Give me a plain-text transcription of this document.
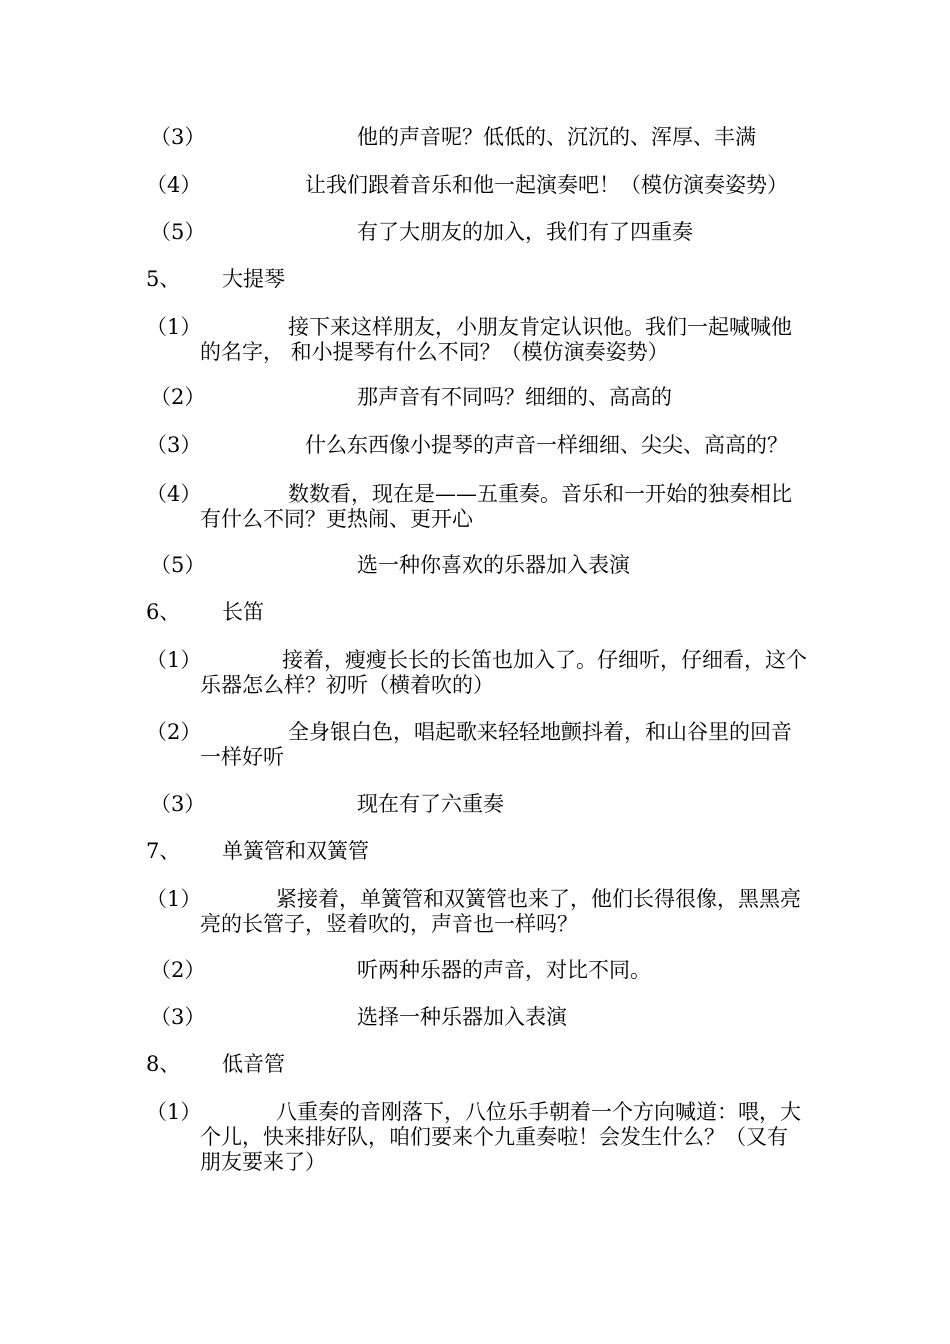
（3）	他的声音呢？低低的、沉沉的、浑厚、丰满
（4）	让我们跟着音乐和他一起演奏吧！（模仿演奏姿势）
（5）	有了大朋友的加入，我们有了四重奏
5、 大提琴
（1）	接下来这样朋友，小朋友肯定认识他。我们一起喊喊他
的名字， 和小提琴有什么不同？（模仿演奏姿势）
（2）	那声音有不同吗？细细的、高高的
（3）	什么东西像小提琴的声音一样细细、尖尖、高高的？
（4）	数数看，现在是——五重奏。音乐和一开始的独奏相比
有什么不同？更热闹、更开心
（5）	选一种你喜欢的乐器加入表演
6、 长笛
（1）	接着，瘦瘦长长的长笛也加入了。仔细听，仔细看，这个
乐器怎么样？初听（横着吹的）
（2）	全身银白色，唱起歌来轻轻地颤抖着，和山谷里的回音
一样好听
（3）	现在有了六重奏
7、 单簧管和双簧管
（1）	紧接着，单簧管和双簧管也来了，他们长得很像，黑黑亮
亮的长管子，竖着吹的，声音也一样吗？
（2）	听两种乐器的声音，对比不同。
（3）	选择一种乐器加入表演
8、 低音管
（1）	八重奏的音刚落下，八位乐手朝着一个方向喊道：喂，大
个儿，快来排好队，咱们要来个九重奏啦！会发生什么？（又有
朋友要来了）
